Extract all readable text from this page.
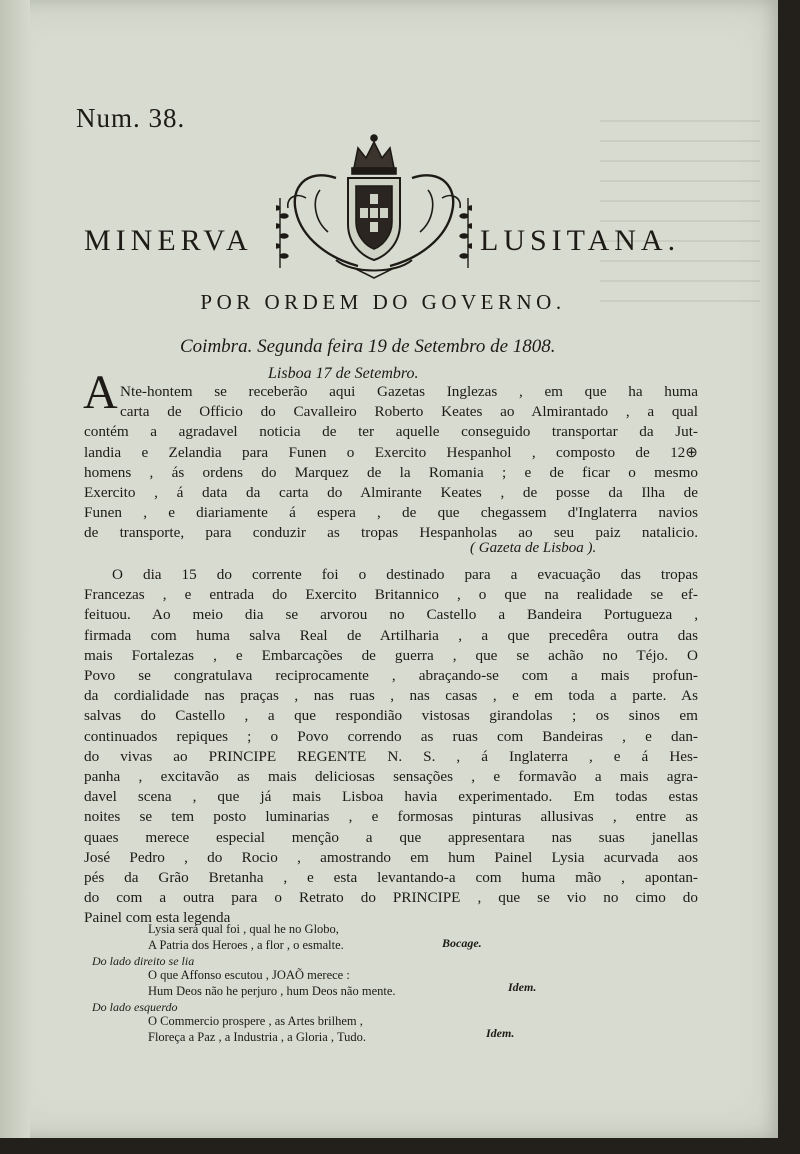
Num. 38.
MINERVA	LUSITANA.
POR ORDEM DO GOVERNO.
Coimbra. Segunda feira 19 de Setembro de 1808.
Lisboa 17 de Setembro.
A Nte-hontem se receberão aqui Gazetas Inglezas , em que ha huma
carta de Officio do Cavalleiro Roberto Keates ao Almirantado , a qual
contém a agradavel noticia de ter aquelle conseguido transportar da Jut-
landia e Zelandia para Funen o Exercito Hespanhol , composto de 12⊕
homens , ás ordens do Marquez de la Romania ; e de ficar o mesmo
Exercito , á data da carta do Almirante Keates , de posse da Ilha de
Funen , e diariamente á espera , de que chegassem d'Inglaterra navios
de transporte, para conduzir as tropas Hespanholas ao seu paiz natalicio.
( Gazeta de Lisboa ).
O dia 15 do corrente foi o destinado para a evacuação das tropas
Francezas , e entrada do Exercito Britannico , o que na realidade se ef-
feituou. Ao meio dia se arvorou no Castello a Bandeira Portugueza ,
firmada com huma salva Real de Artilharia , a que precedêra outra das
mais Fortalezas , e Embarcações de guerra , que se achão no Téjo. O
Povo se congratulava reciprocamente , abraçando-se com a mais profun-
da cordialidade nas praças , nas ruas , nas casas , e em toda a parte. As
salvas do Castello , a que respondião vistosas girandolas ; os sinos em
continuados repiques ; o Povo correndo as ruas com Bandeiras , e dan-
do vivas ao PRINCIPE REGENTE N. S. , á Inglaterra , e á Hes-
panha , excitavão as mais deliciosas sensações , e formavão a mais agra-
davel scena , que já mais Lisboa havia experimentado. Em todas estas
noites se tem posto luminarias , e formosas pinturas allusivas , entre as
quaes merece especial menção a que appresentara nas suas janellas
José Pedro , do Rocio , amostrando em hum Painel Lysia acurvada aos
pés da Grão Bretanha , e esta levantando-a com huma mão , apontan-
do com a outra para o Retrato do PRINCIPE , que se vio no cimo do
Painel com esta legenda
Lysia será qual foi , qual he no Globo,
A Patria dos Heroes , a flor , o esmalte.	Bocage.
Do lado direito se lia
O que Affonso escutou , JOAÕ merece :
Hum Deos não he perjuro , hum Deos não mente.	Idem.
Do lado esquerdo
O Commercio prospere , as Artes brilhem ,
Floreça a Paz , a Industria , a Gloria , Tudo.	Idem.
